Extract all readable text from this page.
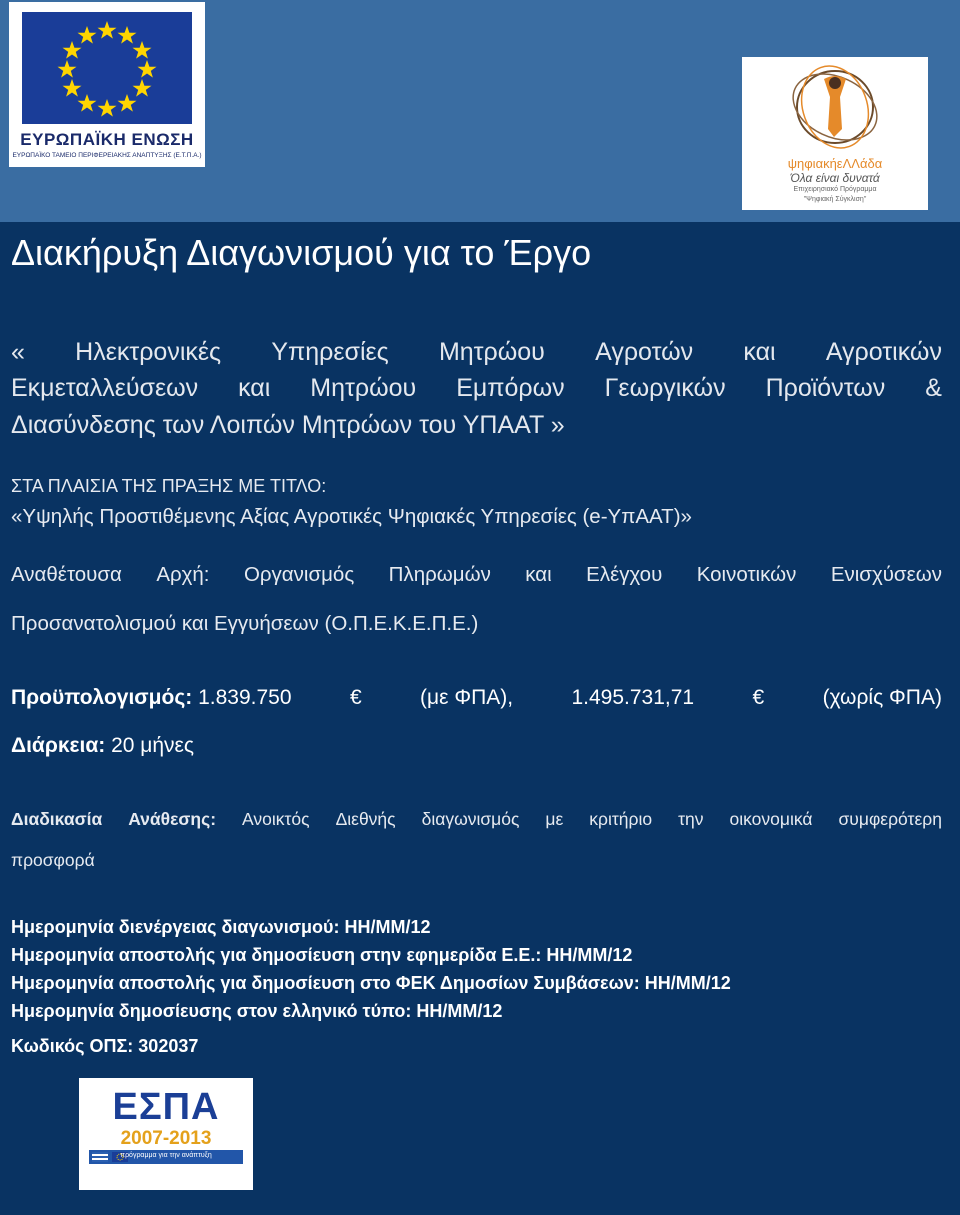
ΕΥΡΩΠΑΪΚΗ ΕΝΩΣΗ
ΕΥΡΩΠΑΪΚΟ ΤΑΜΕΙΟ ΠΕΡΙΦΕΡΕΙΑΚΗΣ ΑΝΑΠΤΥΞΗΣ (Ε.Τ.Π.Α.)
ψηφιακήεΛΛάδα
Όλα είναι δυνατά
Επιχειρησιακό Πρόγραμμα
"Ψηφιακή Σύγκλιση"
Διακήρυξη Διαγωνισμού για το Έργο
« Ηλεκτρονικές Υπηρεσίες Μητρώου Αγροτών και Αγροτικών
Εκμεταλλεύσεων και Μητρώου Εμπόρων Γεωργικών Προϊόντων &
Διασύνδεσης των Λοιπών Μητρώων του ΥΠΑΑΤ »
ΣΤΑ ΠΛΑΙΣΙΑ ΤΗΣ ΠΡΑΞΗΣ ΜΕ ΤΙΤΛΟ:
«Υψηλής Προστιθέμενης Αξίας Αγροτικές Ψηφιακές Υπηρεσίες (e-ΥπΑΑΤ)»
Αναθέτουσα Αρχή: Οργανισμός Πληρωμών και Ελέγχου Κοινοτικών Ενισχύσεων
Προσανατολισμού και Εγγυήσεων (Ο.Π.Ε.Κ.Ε.Π.Ε.)
Προϋπολογισμός: 1.839.750	€	(με ΦΠΑ),	1.495.731,71	€	(χωρίς ΦΠΑ)
Διάρκεια: 20 μήνες
Διαδικασία Ανάθεσης: Ανοικτός Διεθνής διαγωνισμός με κριτήριο την οικονομικά συμφερότερη
προσφορά
Ημερομηνία διενέργειας διαγωνισμού: ΗΗ/ΜΜ/12
Ημερομηνία αποστολής για δημοσίευση στην εφημερίδα Ε.Ε.: ΗΗ/ΜΜ/12
Ημερομηνία αποστολής για δημοσίευση στο ΦΕΚ Δημοσίων Συμβάσεων: ΗΗ/ΜΜ/12
Ημερομηνία δημοσίευσης στον ελληνικό τύπο: ΗΗ/ΜΜ/12
Κωδικός ΟΠΣ: 302037
ΕΣΠΑ
2007-2013
πρόγραμμα για την ανάπτυξη
